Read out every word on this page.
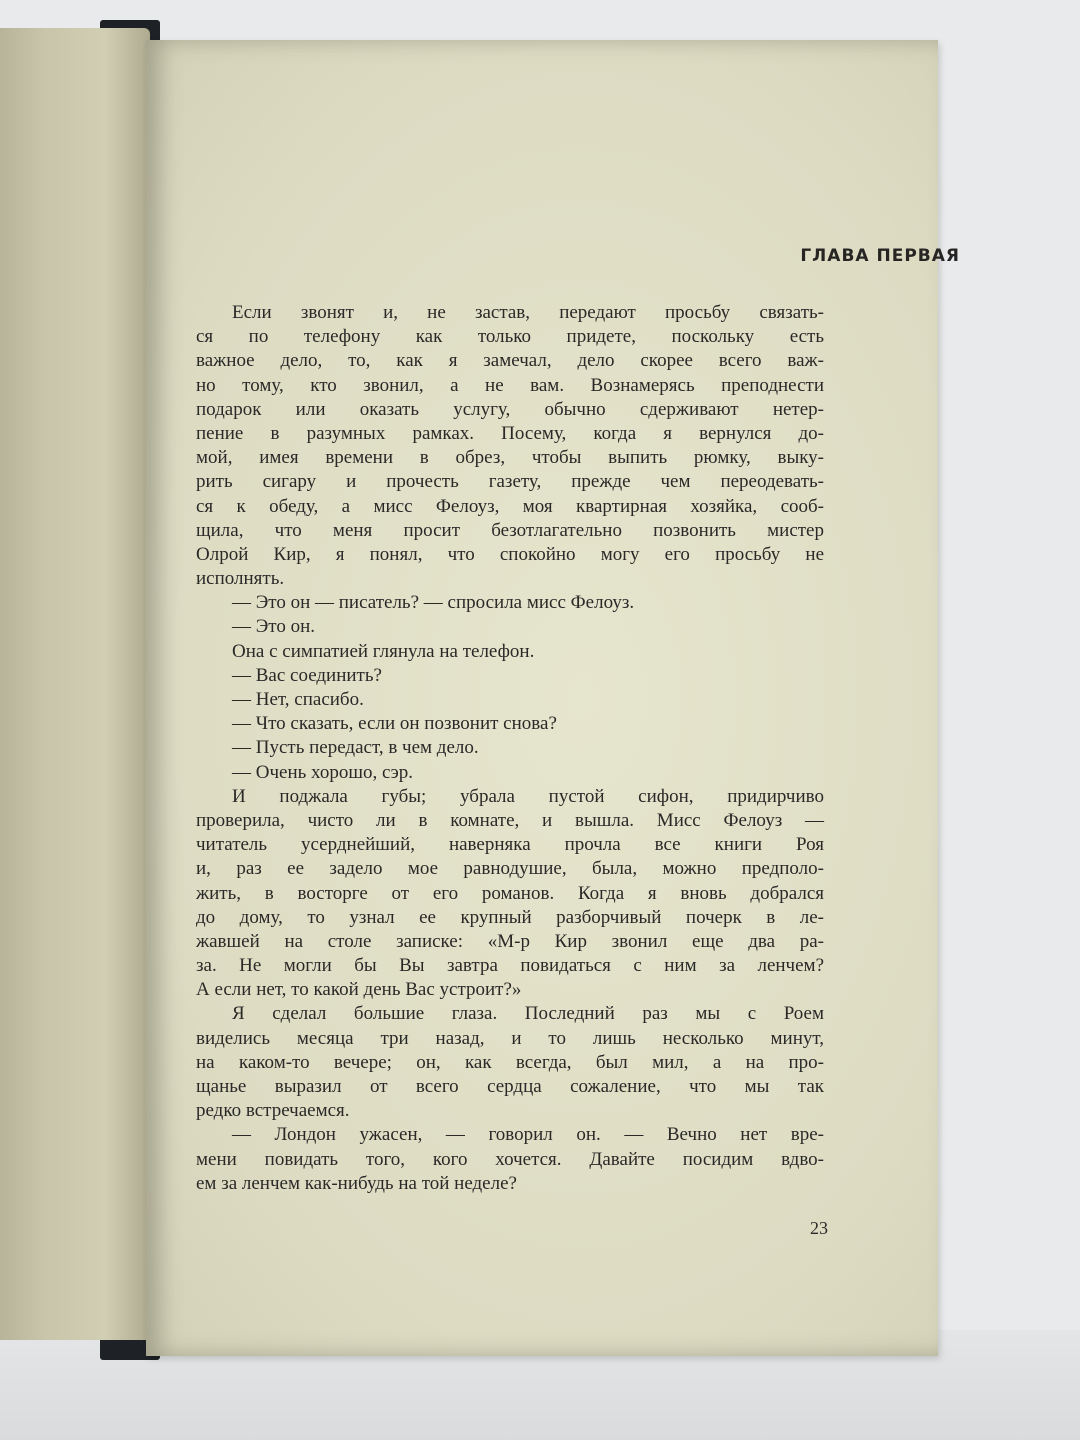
ГЛАВА ПЕРВАЯ
Если звонят и, не застав, передают просьбу связать-
ся по телефону как только придете, поскольку есть
важное дело, то, как я замечал, дело скорее всего важ-
но тому, кто звонил, а не вам. Вознамерясь преподнести
подарок или оказать услугу, обычно сдерживают нетер-
пение в разумных рамках. Посему, когда я вернулся до-
мой, имея времени в обрез, чтобы выпить рюмку, выку-
рить сигару и прочесть газету, прежде чем переодевать-
ся к обеду, а мисс Фелоуз, моя квартирная хозяйка, сооб-
щила, что меня просит безотлагательно позвонить мистер
Олрой Кир, я понял, что спокойно могу его просьбу не
исполнять.
— Это он — писатель? — спросила мисс Фелоуз.
— Это он.
Она с симпатией глянула на телефон.
— Вас соединить?
— Нет, спасибо.
— Что сказать, если он позвонит снова?
— Пусть передаст, в чем дело.
— Очень хорошо, сэр.
И поджала губы; убрала пустой сифон, придирчиво
проверила, чисто ли в комнате, и вышла. Мисс Фелоуз —
читатель усерднейший, наверняка прочла все книги Роя
и, раз ее задело мое равнодушие, была, можно предполо-
жить, в восторге от его романов. Когда я вновь добрался
до дому, то узнал ее крупный разборчивый почерк в ле-
жавшей на столе записке: «М-р Кир звонил еще два ра-
за. Не могли бы Вы завтра повидаться с ним за ленчем?
А если нет, то какой день Вас устроит?»
Я сделал большие глаза. Последний раз мы с Роем
виделись месяца три назад, и то лишь несколько минут,
на каком-то вечере; он, как всегда, был мил, а на про-
щанье выразил от всего сердца сожаление, что мы так
редко встречаемся.
— Лондон ужасен, — говорил он. — Вечно нет вре-
мени повидать того, кого хочется. Давайте посидим вдво-
ем за ленчем как-нибудь на той неделе?
23
